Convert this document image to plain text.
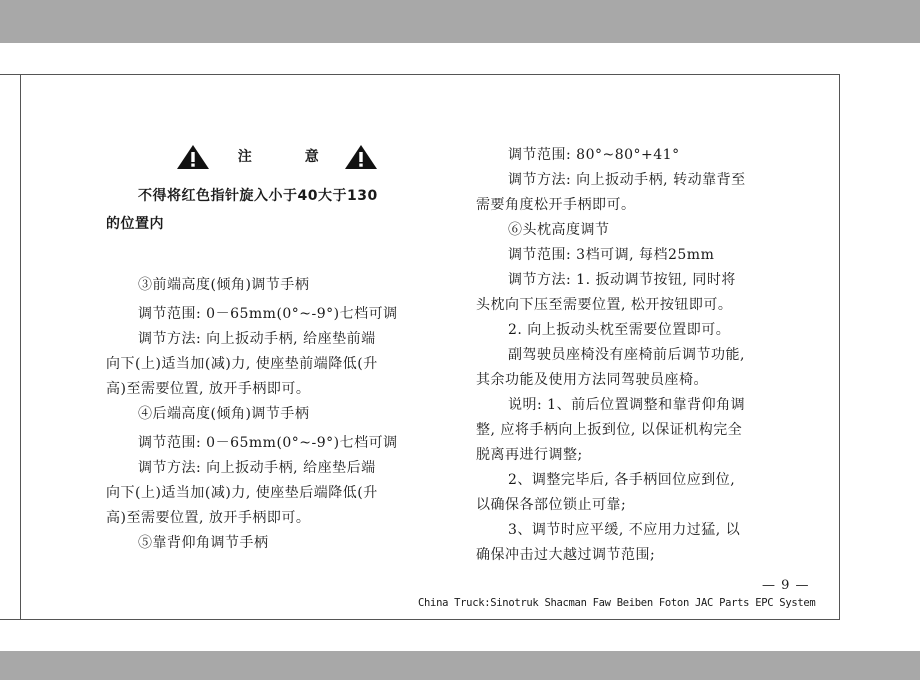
注	意

不得将红色指针旋入小于40大于130

的位置内

③前端高度(倾角)调节手柄

调节范围: 0－65mm(0°~-9°)七档可调

调节方法: 向上扳动手柄, 给座垫前端

向下(上)适当加(减)力, 使座垫前端降低(升

高)至需要位置, 放开手柄即可。

④后端高度(倾角)调节手柄

调节范围: 0－65mm(0°~-9°)七档可调

调节方法: 向上扳动手柄, 给座垫后端

向下(上)适当加(减)力, 使座垫后端降低(升

高)至需要位置, 放开手柄即可。

⑤靠背仰角调节手柄

调节范围: 80°~80°+41°

调节方法: 向上扳动手柄, 转动靠背至

需要角度松开手柄即可。

⑥头枕高度调节

调节范围: 3档可调, 每档25mm

调节方法: 1. 扳动调节按钮, 同时将

头枕向下压至需要位置, 松开按钮即可。

2. 向上扳动头枕至需要位置即可。

副驾驶员座椅没有座椅前后调节功能,

其余功能及使用方法同驾驶员座椅。

说明: 1、前后位置调整和靠背仰角调

整, 应将手柄向上扳到位, 以保证机构完全

脱离再进行调整;

2、调整完毕后, 各手柄回位应到位,

以确保各部位锁止可靠;

3、调节时应平缓, 不应用力过猛, 以

确保冲击过大越过调节范围;

— 9 —
China Truck:Sinotruk Shacman Faw Beiben Foton JAC Parts EPC System
